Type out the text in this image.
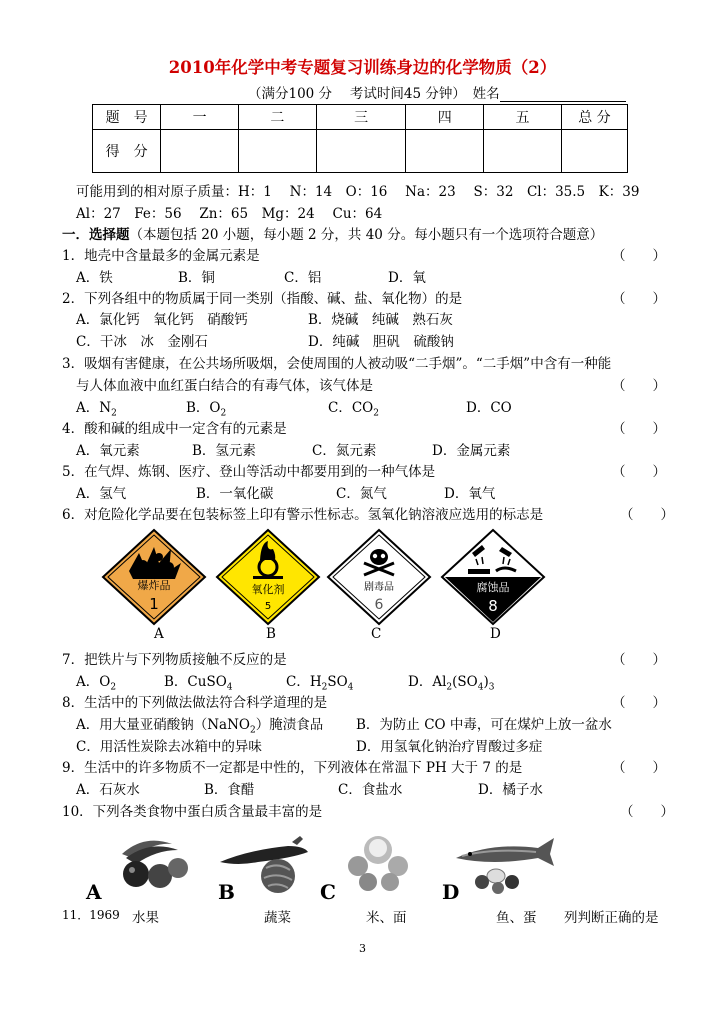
2010年化学中考专题复习训练身边的化学物质（2）
（满分100 分　 考试时间45 分钟）　姓名
题　号	一	二	三	四	五	总 分
得　分						
可能用到的相对原子质量：H：1　 N：14　O：16　 Na：23　 S：32　Cl：35.5　K：39
Al：27　Fe：56　 Zn：65　Mg：24　 Cu：64
一．选择题（本题包括 20 小题，每小题 2 分，共 40 分。每小题只有一个选项符合题意）
1．地壳中含量最多的金属元素是	（　　）
A．铁	B．铜	C．铝	D．氧
2．下列各组中的物质属于同一类别（指酸、碱、盐、氧化物）的是	（　　）
A．氯化钙　氧化钙　硝酸钙	B．烧碱　纯碱　熟石灰
C．干冰　冰　金刚石	D．纯碱　胆矾　硫酸钠
3．吸烟有害健康，在公共场所吸烟，会使周围的人被动吸“二手烟”。“二手烟”中含有一种能
与人体血液中血红蛋白结合的有毒气体，该气体是	（　　）
A．$N_2$	B．$O_2$	C．$CO_2$	D．CO
4．酸和碱的组成中一定含有的元素是	（　　）
A．氧元素	B．氢元素	C．氮元素	D．金属元素
5．在气焊、炼钢、医疗、登山等活动中都要用到的一种气体是	（　　）
A．氢气	B．一氧化碳	C．氮气	D．氧气
6．对危险化学品要在包装标签上印有警示性标志。氢氧化钠溶液应选用的标志是	（　　）
爆炸品
1
氧化剂
5
剧毒品
6
腐蚀品
8
A	B	C	D
7．把铁片与下列物质接触不反应的是	（　　）
A．$O_2$	B．CuSO$_4$	C．$H_2SO_4$	D．$Al_2(SO_4)_3$
8．生活中的下列做法做法符合科学道理的是	（　　）
A．用大量亚硝酸钠（NaNO$_2$）腌渍食品 B．为防止 CO 中毒，可在煤炉上放一盆水
C．用活性炭除去冰箱中的异味	D．用氢氧化钠治疗胃酸过多症
9．生活中的许多物质不一定都是中性的，下列液体在常温下 PH 大于 7 的是	（　　）
A．石灰水	B．食醋	C．食盐水	D．橘子水
10．下列各类食物中蛋白质含量最丰富的是	（　　）
A	B	C	D
11．1969 水果	蔬菜	米、面	鱼、蛋 列判断正确的是
3
